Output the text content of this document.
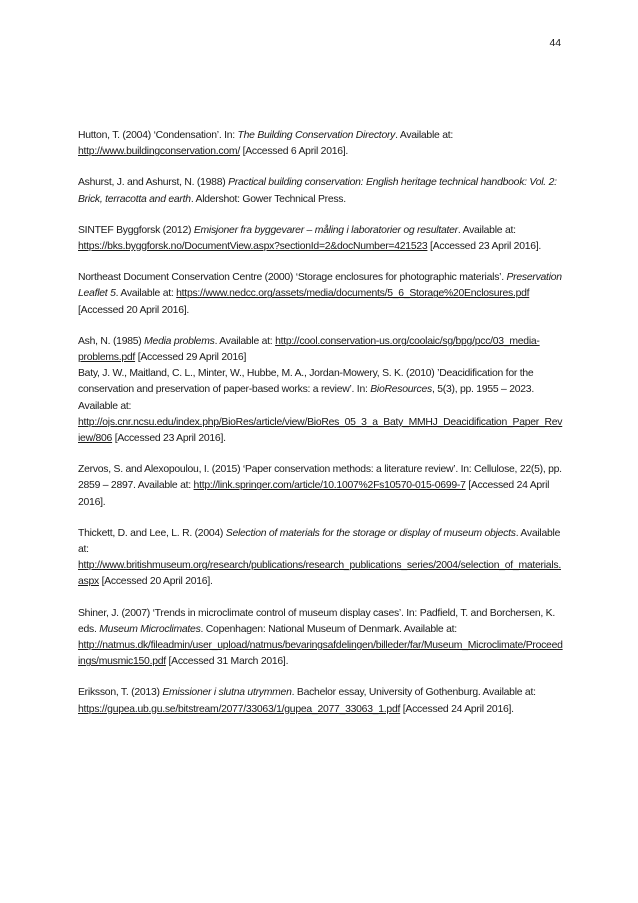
44

Hutton, T. (2004) ‘Condensation’. In: The Building Conservation Directory. Available at: http://www.buildingconservation.com/ [Accessed 6 April 2016].

Ashurst, J. and Ashurst, N. (1988) Practical building conservation: English heritage technical handbook: Vol. 2: Brick, terracotta and earth. Aldershot: Gower Technical Press.

SINTEF Byggforsk (2012) Emisjoner fra byggevarer – måling i laboratorier og resultater. Available at: https://bks.byggforsk.no/DocumentView.aspx?sectionId=2&docNumber=421523 [Accessed 23 April 2016].

Northeast Document Conservation Centre (2000) ‘Storage enclosures for photographic materials’. Preservation Leaflet 5. Available at: https://www.nedcc.org/assets/media/documents/5_6_Storage%20Enclosures.pdf [Accessed 20 April 2016].

Ash, N. (1985) Media problems. Available at: http://cool.conservation-us.org/coolaic/sg/bpg/pcc/03_media-problems.pdf [Accessed 29 April 2016]

Baty, J. W., Maitland, C. L., Minter, W., Hubbe, M. A., Jordan-Mowery, S. K. (2010) ’Deacidification for the conservation and preservation of paper-based works: a review’. In: BioResources, 5(3), pp. 1955 – 2023. Available at: http://ojs.cnr.ncsu.edu/index.php/BioRes/article/view/BioRes_05_3_a_Baty_MMHJ_Deacidification_Paper_Review/806 [Accessed 23 April 2016].

Zervos, S. and Alexopoulou, I. (2015) ‘Paper conservation methods: a literature review’. In: Cellulose, 22(5), pp. 2859 – 2897. Available at: http://link.springer.com/article/10.1007%2Fs10570-015-0699-7 [Accessed 24 April 2016].

Thickett, D. and Lee, L. R. (2004) Selection of materials for the storage or display of museum objects. Available at: http://www.britishmuseum.org/research/publications/research_publications_series/2004/selection_of_materials.aspx [Accessed 20 April 2016].

Shiner, J. (2007) ‘Trends in microclimate control of museum display cases’. In: Padfield, T. and Borchersen, K. eds. Museum Microclimates. Copenhagen: National Museum of Denmark. Available at: http://natmus.dk/fileadmin/user_upload/natmus/bevaringsafdelingen/billeder/far/Museum_Microclimate/Proceedings/musmic150.pdf [Accessed 31 March 2016].

Eriksson, T. (2013) Emissioner i slutna utrymmen. Bachelor essay, University of Gothenburg. Available at: https://gupea.ub.gu.se/bitstream/2077/33063/1/gupea_2077_33063_1.pdf [Accessed 24 April 2016].
